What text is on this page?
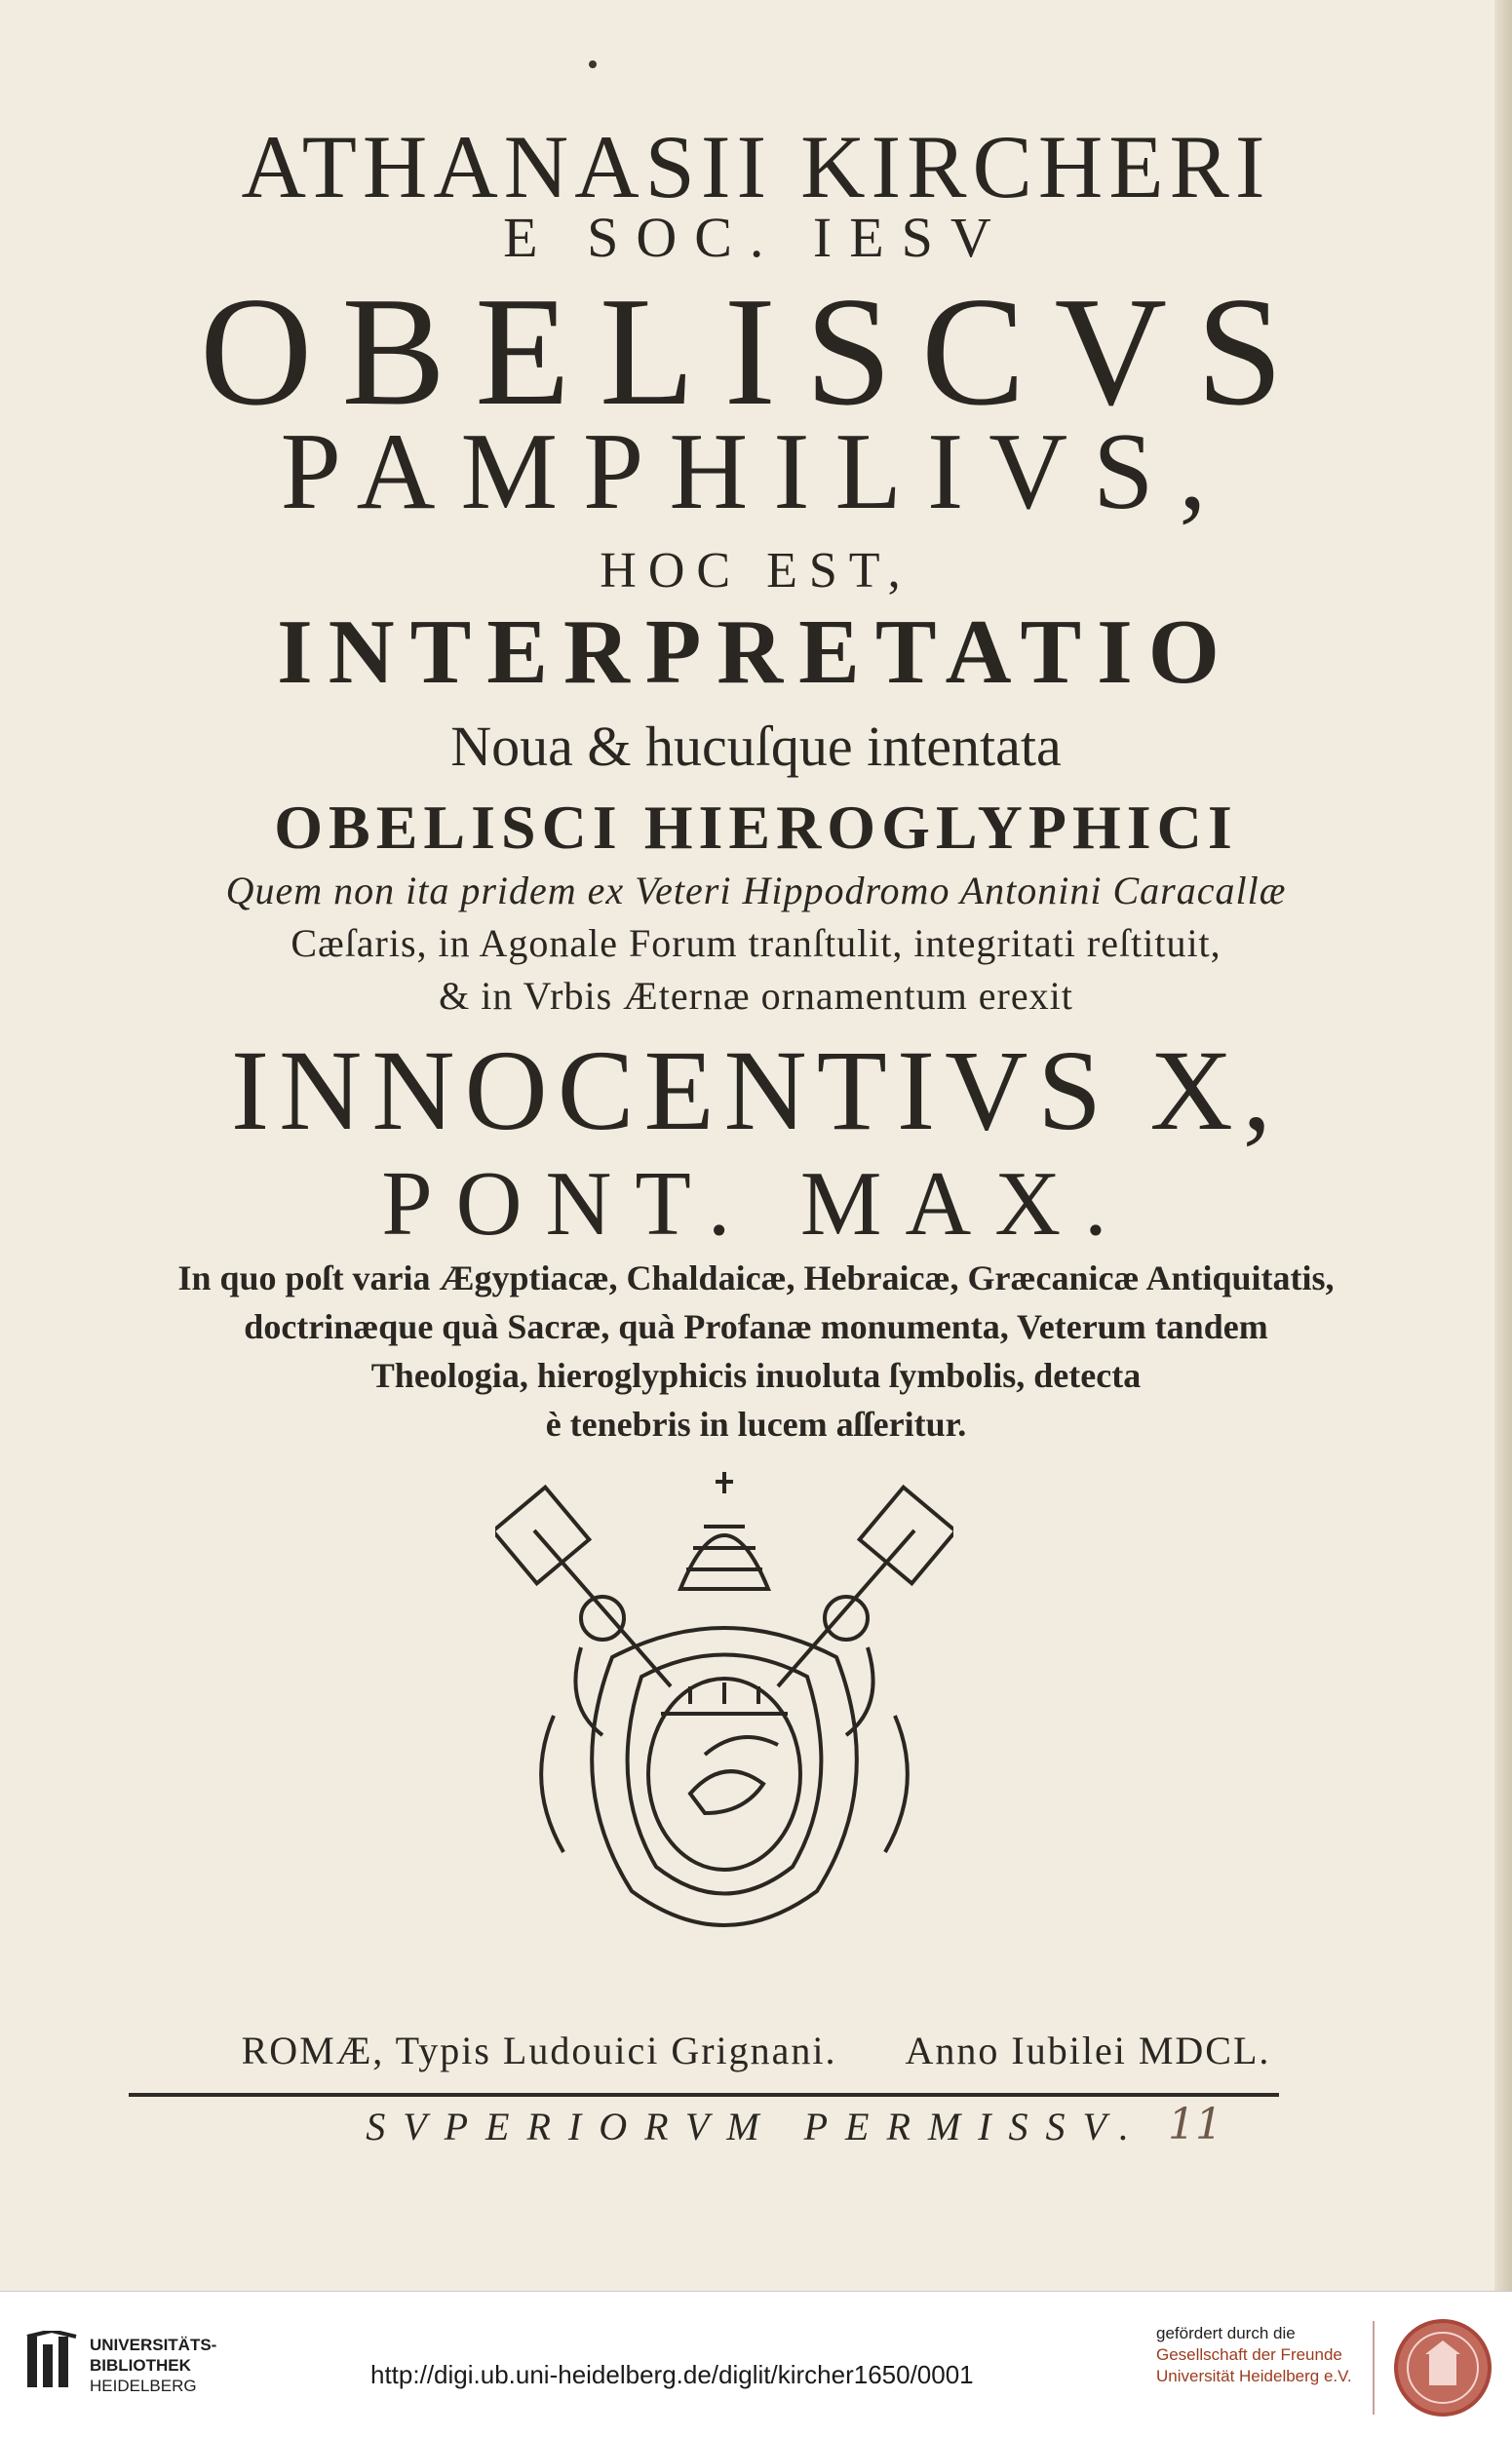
ATHANASII KIRCHERI

E SOC. IESV

OBELISCVS

PAMPHILIVS,

HOC EST,

INTERPRETATIO

Noua & hucuſque intentata

OBELISCI HIEROGLYPHICI

Quem non ita pridem ex Veteri Hippodromo Antonini Caracallæ

Cæſaris, in Agonale Forum tranſtulit, integritati reſtituit,

& in Vrbis Æternæ ornamentum erexit

INNOCENTIVS X,

PONT. MAX.

In quo poſt varia Ægyptiacæ, Chaldaicæ, Hebraicæ, Græcanicæ Antiquitatis,

doctrinæque quà Sacræ, quà Profanæ monumenta, Veterum tandem

Theologia, hieroglyphicis inuoluta ſymbolis, detecta

è tenebris in lucem aſſeritur.

ROMÆ, Typis Ludouici Grignani. Anno Iubilei MDCL.

SVPERIORVM PERMISSV. 11
UNIVERSITÄTS-
BIBLIOTHEK
HEIDELBERG	http://digi.ub.uni-heidelberg.de/diglit/kircher1650/0001
gefördert durch die
Gesellschaft der Freunde
Universität Heidelberg e.V.
